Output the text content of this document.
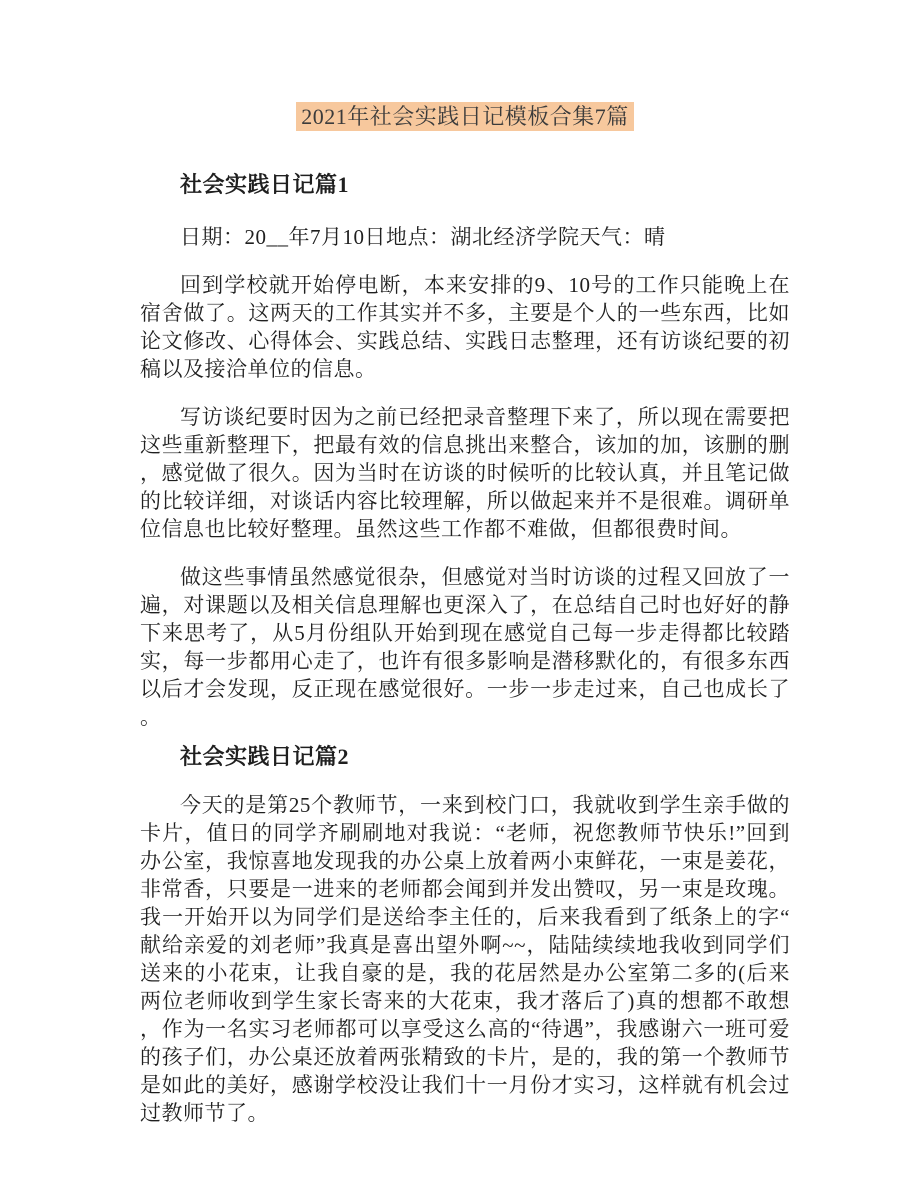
2021年社会实践日记模板合集7篇
社会实践日记篇1
日期：20__年7月10日地点：湖北经济学院天气：晴

回到学校就开始停电断，本来安排的9、10号的工作只能晚上在宿舍做了。这两天的工作其实并不多，主要是个人的一些东西，比如论文修改、心得体会、实践总结、实践日志整理，还有访谈纪要的初稿以及接洽单位的信息。

写访谈纪要时因为之前已经把录音整理下来了，所以现在需要把这些重新整理下，把最有效的信息挑出来整合，该加的加，该删的删，感觉做了很久。因为当时在访谈的时候听的比较认真，并且笔记做的比较详细，对谈话内容比较理解，所以做起来并不是很难。调研单位信息也比较好整理。虽然这些工作都不难做，但都很费时间。

做这些事情虽然感觉很杂，但感觉对当时访谈的过程又回放了一遍，对课题以及相关信息理解也更深入了，在总结自己时也好好的静下来思考了，从5月份组队开始到现在感觉自己每一步走得都比较踏实，每一步都用心走了，也许有很多影响是潜移默化的，有很多东西以后才会发现，反正现在感觉很好。一步一步走过来，自己也成长了。

社会实践日记篇2

今天的是第25个教师节，一来到校门口，我就收到学生亲手做的卡片，值日的同学齐刷刷地对我说：“老师，祝您教师节快乐!”回到办公室，我惊喜地发现我的办公桌上放着两小束鲜花，一束是姜花，非常香，只要是一进来的老师都会闻到并发出赞叹，另一束是玫瑰。我一开始开以为同学们是送给李主任的，后来我看到了纸条上的字“献给亲爱的刘老师”我真是喜出望外啊~~，陆陆续续地我收到同学们送来的小花束，让我自豪的是，我的花居然是办公室第二多的(后来两位老师收到学生家长寄来的大花束，我才落后了)真的想都不敢想，作为一名实习老师都可以享受这么高的“待遇”，我感谢六一班可爱的孩子们，办公桌还放着两张精致的卡片，是的，我的第一个教师节是如此的美好，感谢学校没让我们十一月份才实习，这样就有机会过过教师节了。
